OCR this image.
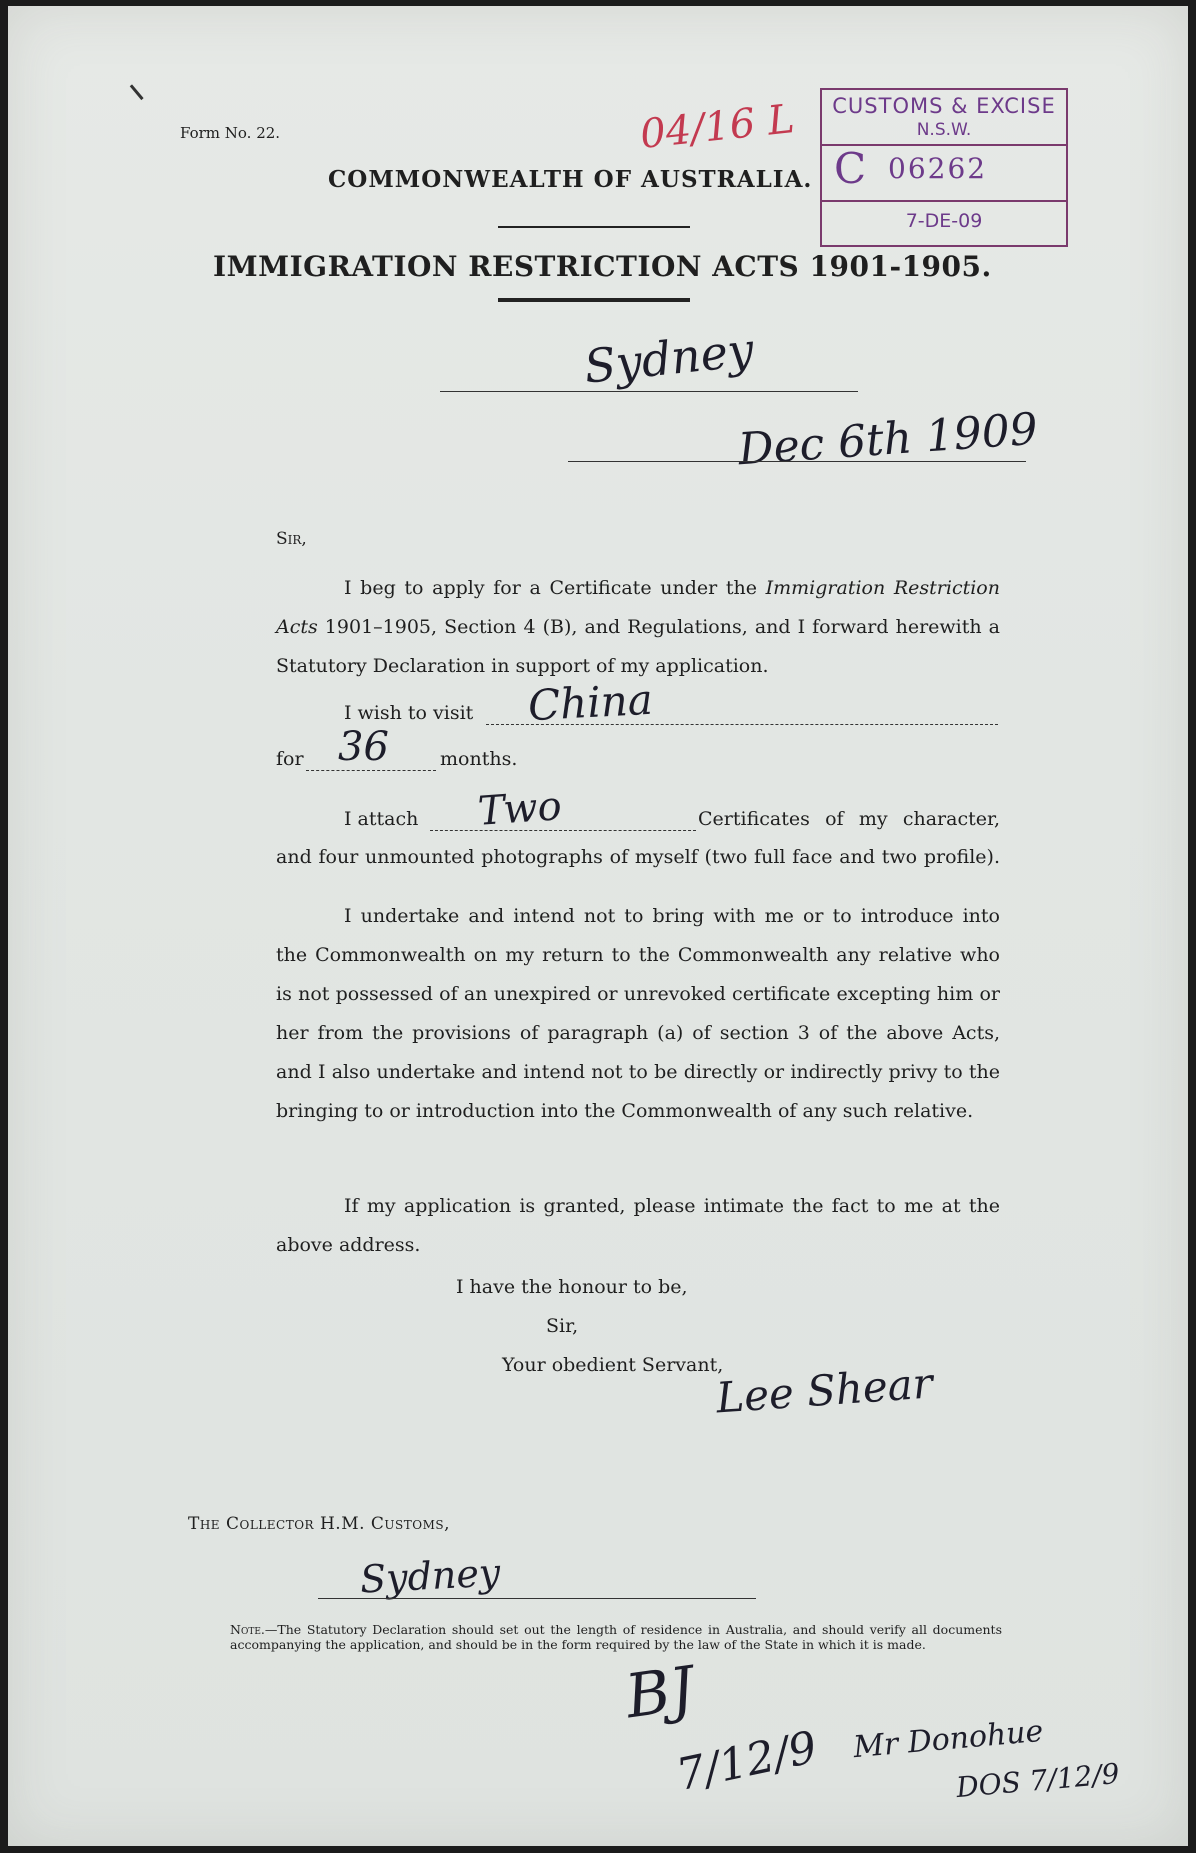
Form No. 22.	04/16 L	CUSTOMS & EXCISE
N.S.W.
C 06262
7-DE-09
COMMONWEALTH OF AUSTRALIA.
IMMIGRATION RESTRICTION ACTS 1901-1905.
Sydney
Dec 6th 1909
Sir,
I beg to apply for a Certificate under the Immigration Restriction Acts 1901–1905, Section 4 (B), and Regulations, and I forward herewith a Statutory Declaration in support of my application.
I wish to visit China
for 36	months.
I attach Two	Certificates of my character,
and four unmounted photographs of myself (two full face and two profile).
I undertake and intend not to bring with me or to introduce into the Commonwealth on my return to the Commonwealth any relative who is not possessed of an unexpired or unrevoked certificate excepting him or her from the provisions of paragraph (a) of section 3 of the above Acts, and I also undertake and intend not to be directly or indirectly privy to the bringing to or introduction into the Commonwealth of any such relative.
If my application is granted, please intimate the fact to me at the above address.
I have the honour to be,
Sir,
Your obedient Servant,
Lee Shear
The Collector H.M. Customs,
Sydney
Note.—The Statutory Declaration should set out the length of residence in Australia, and should verify all documents accompanying the application, and should be in the form required by the law of the State in which it is made.
BJ
7/12/9 Mr Donohue
DOS 7/12/9
